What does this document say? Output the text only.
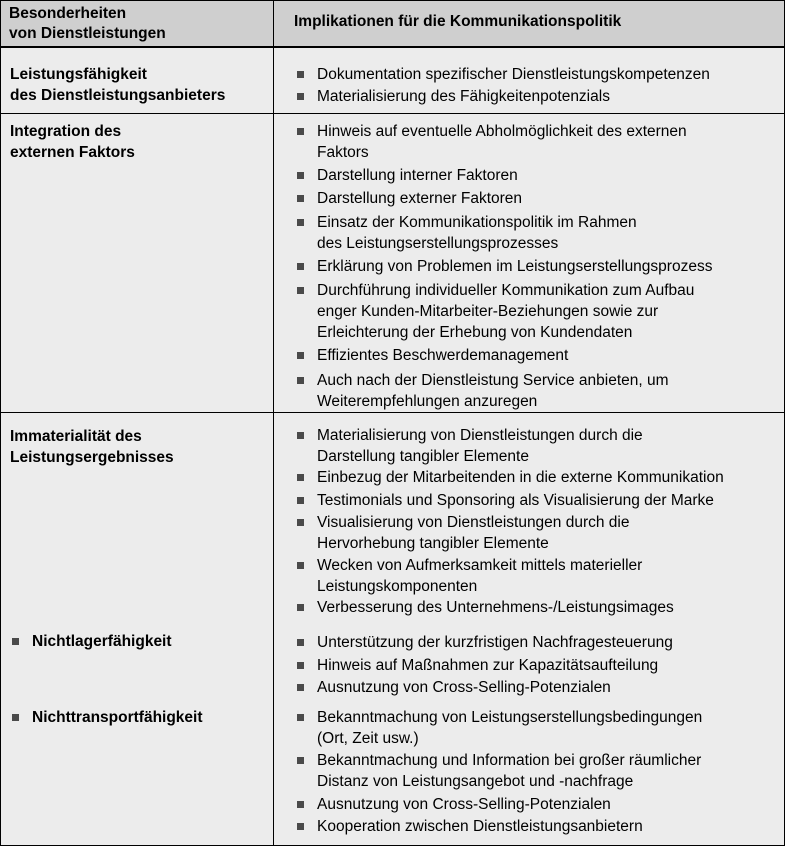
Besonderheiten
von Dienstleistungen
Implikationen für die Kommunikationspolitik
Leistungsfähigkeit
des Dienstleistungsanbieters
Dokumentation spezifischer Dienstleistungskompetenzen
Materialisierung des Fähigkeitenpotenzials
Integration des
externen Faktors
Hinweis auf eventuelle Abholmöglichkeit des externen
Faktors
Darstellung interner Faktoren
Darstellung externer Faktoren
Einsatz der Kommunikationspolitik im Rahmen
des Leistungserstellungsprozesses
Erklärung von Problemen im Leistungserstellungsprozess
Durchführung individueller Kommunikation zum Aufbau
enger Kunden-Mitarbeiter-Beziehungen sowie zur
Erleichterung der Erhebung von Kundendaten
Effizientes Beschwerdemanagement
Auch nach der Dienstleistung Service anbieten, um
Weiterempfehlungen anzuregen
Immaterialität des
Leistungsergebnisses
Materialisierung von Dienstleistungen durch die
Darstellung tangibler Elemente
Einbezug der Mitarbeitenden in die externe Kommunikation
Testimonials und Sponsoring als Visualisierung der Marke
Visualisierung von Dienstleistungen durch die
Hervorhebung tangibler Elemente
Wecken von Aufmerksamkeit mittels materieller
Leistungskomponenten
Verbesserung des Unternehmens-/Leistungsimages
Nichtlagerfähigkeit	Unterstützung der kurzfristigen Nachfragesteuerung
Hinweis auf Maßnahmen zur Kapazitätsaufteilung
Ausnutzung von Cross-Selling-Potenzialen
Nichttransportfähigkeit	Bekanntmachung von Leistungserstellungsbedingungen
(Ort, Zeit usw.)
Bekanntmachung und Information bei großer räumlicher
Distanz von Leistungsangebot und -nachfrage
Ausnutzung von Cross-Selling-Potenzialen
Kooperation zwischen Dienstleistungsanbietern
